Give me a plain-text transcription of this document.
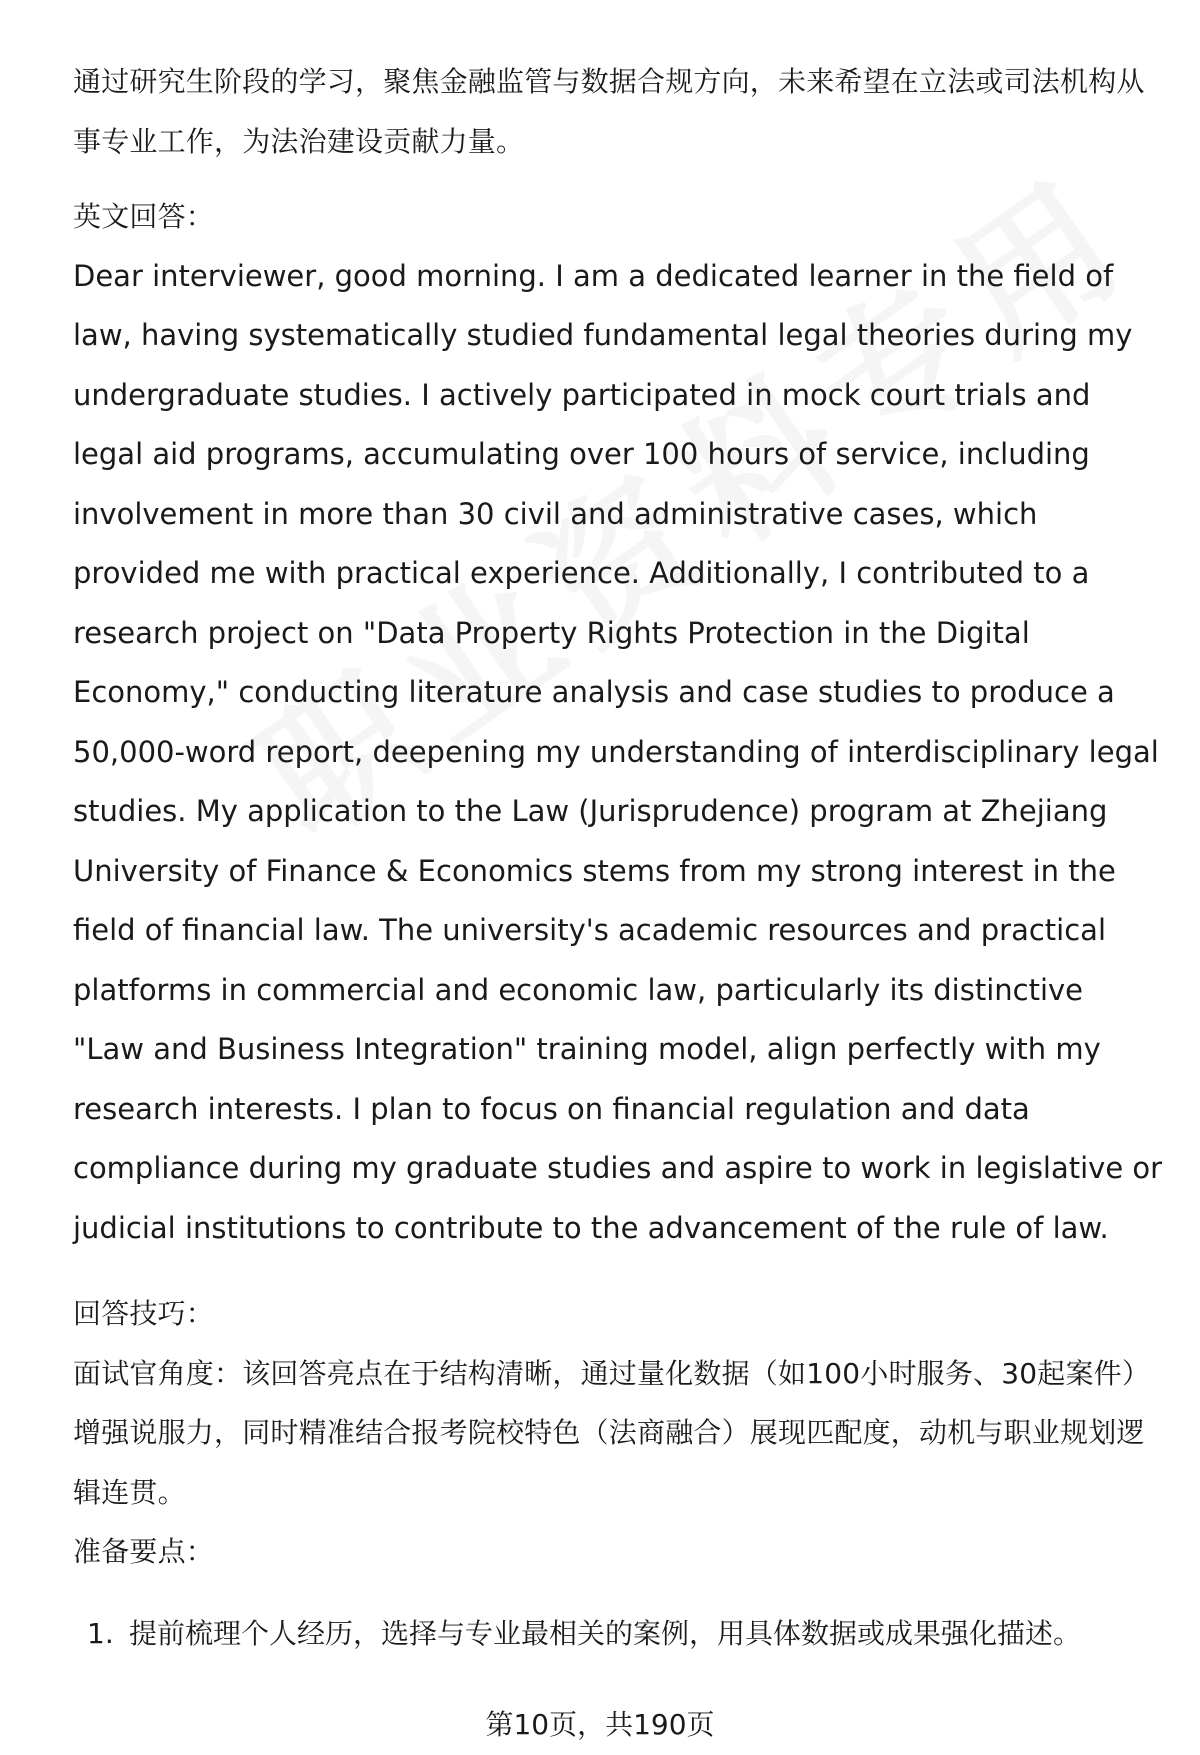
通过研究生阶段的学习，聚焦金融监管与数据合规方向，未来希望在立法或司法机构从事专业工作，为法治建设贡献力量。

英文回答：

Dear interviewer, good morning. I am a dedicated learner in the field of law, having systematically studied fundamental legal theories during my undergraduate studies. I actively participated in mock court trials and legal aid programs, accumulating over 100 hours of service, including involvement in more than 30 civil and administrative cases, which provided me with practical experience. Additionally, I contributed to a research project on "Data Property Rights Protection in the Digital Economy," conducting literature analysis and case studies to produce a 50,000-word report, deepening my understanding of interdisciplinary legal studies. My application to the Law (Jurisprudence) program at Zhejiang University of Finance & Economics stems from my strong interest in the field of financial law. The university's academic resources and practical platforms in commercial and economic law, particularly its distinctive "Law and Business Integration" training model, align perfectly with my research interests. I plan to focus on financial regulation and data compliance during my graduate studies and aspire to work in legislative or judicial institutions to contribute to the advancement of the rule of law.

回答技巧：

面试官角度：该回答亮点在于结构清晰，通过量化数据（如100小时服务、30起案件）增强说服力，同时精准结合报考院校特色（法商融合）展现匹配度，动机与职业规划逻辑连贯。

准备要点：

1. 提前梳理个人经历，选择与专业最相关的案例，用具体数据或成果强化描述。
第10页，共190页
